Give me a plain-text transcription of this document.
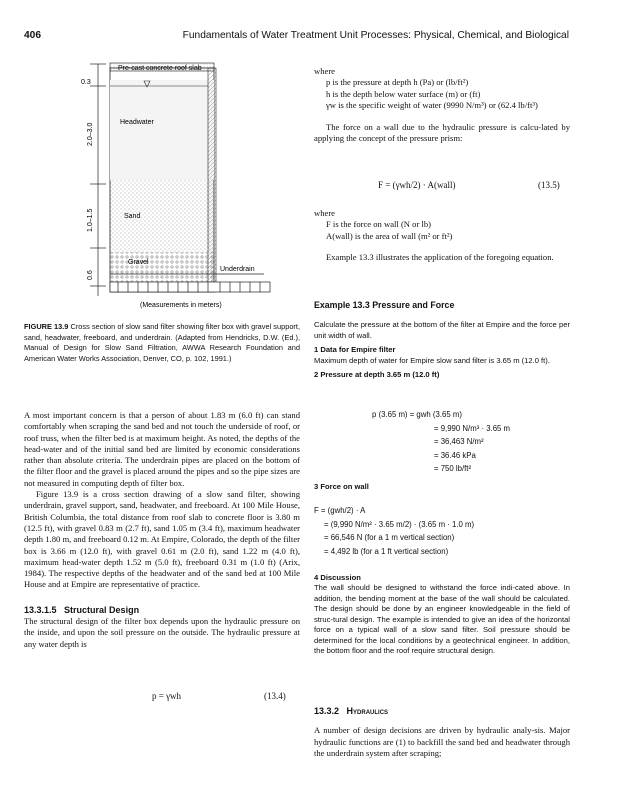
406	Fundamentals of Water Treatment Unit Processes: Physical, Chemical, and Biological
0.3
2.0–3.0
1.0–1.5
0.6
Pre-cast concrete roof slab
Headwater
Sand
Gravel
Underdrain
(Measurements in meters)
FIGURE 13.9 Cross section of slow sand filter showing filter box with gravel support, sand, headwater, freeboard, and underdrain. (Adapted from Hendricks, D.W. (Ed.), Manual of Design for Slow Sand Filtration, AWWA Research Foundation and American Water Works Association, Denver, CO, p. 102, 1991.)

A most important concern is that a person of about 1.83 m (6.0 ft) can stand comfortably when scraping the sand bed and not touch the underside of roof, or roof truss, when the filter bed is at maximum height. As noted, the depths of the head-water and of the initial sand bed are limited by economic considerations rather than absolute criteria. The underdrain pipes are placed on the bottom of the filter floor and the gravel is placed around the pipes and so the pipe sizes are not measured in computing depth of filter box.

Figure 13.9 is a cross section drawing of a slow sand filter, showing underdrain, gravel support, sand, headwater, and freeboard. At 100 Mile House, British Columbia, the total distance from roof slab to concrete floor is 3.80 m (12.5 ft), with gravel 0.83 m (2.7 ft), sand 1.05 m (3.4 ft), maximum headwater depth 1.80 m, and freeboard 0.12 m. At Empire, Colorado, the depth of the filter box is 3.66 m (12.0 ft), with gravel 0.61 m (2.0 ft), sand 1.22 m (4.0 ft), maximum head-water depth 1.52 m (5.0 ft), freeboard 0.31 m (1.0 ft) (Arix, 1984). The respective depths of the headwater and of the sand bed at 100 Mile House and at Empire are representative of practice.

13.3.1.5 Structural Design

The structural design of the filter box depends upon the hydraulic pressure on the inside, and upon the soil pressure on the outside. The hydraulic pressure at any water depth is

p = γwh	(13.4)

where

p is the pressure at depth h (Pa) or (lb/ft²)

h is the depth below water surface (m) or (ft)

γw is the specific weight of water (9990 N/m³) or (62.4 lb/ft³)

The force on a wall due to the hydraulic pressure is calcu-lated by applying the concept of the pressure prism:

F = (γwh/2) · A(wall)	(13.5)

where

F is the force on wall (N or lb)

A(wall) is the area of wall (m² or ft²)

Example 13.3 illustrates the application of the foregoing equation.

Example 13.3 Pressure and Force

Calculate the pressure at the bottom of the filter at Empire and the force per unit width of wall.

1 Data for Empire filter

Maximum depth of water for Empire slow sand filter is 3.65 m (12.0 ft).

2 Pressure at depth 3.65 m (12.0 ft)
p (3.65 m) = gwh (3.65 m)
= 9,990 N/m³ · 3.65 m
= 36,463 N/m²
= 36.46 kPa
= 750 lb/ft²
3 Force on wall
F = (gwh/2) · A
= (9,990 N/m² · 3.65 m/2) · (3.65 m · 1.0 m)
= 66,546 N (for a 1 m vertical section)
= 4,492 lb (for a 1 ft vertical section)
4 Discussion

The wall should be designed to withstand the force indi-cated above. In addition, the bending moment at the base of the wall should be calculated. The design should be done by an engineer knowledgeable in the field of struc-tural design. The example is intended to give an idea of the horizontal force on a typical wall of a slow sand filter. Soil pressure should be determined for the local conditions by a geotechnical engineer. In addition, the bottom floor and the roof require structural design.

13.3.2 Hydraulics

A number of design decisions are driven by hydraulic analy-sis. Major hydraulic functions are (1) to backfill the sand bed and headwater through the underdrain system after scraping;
